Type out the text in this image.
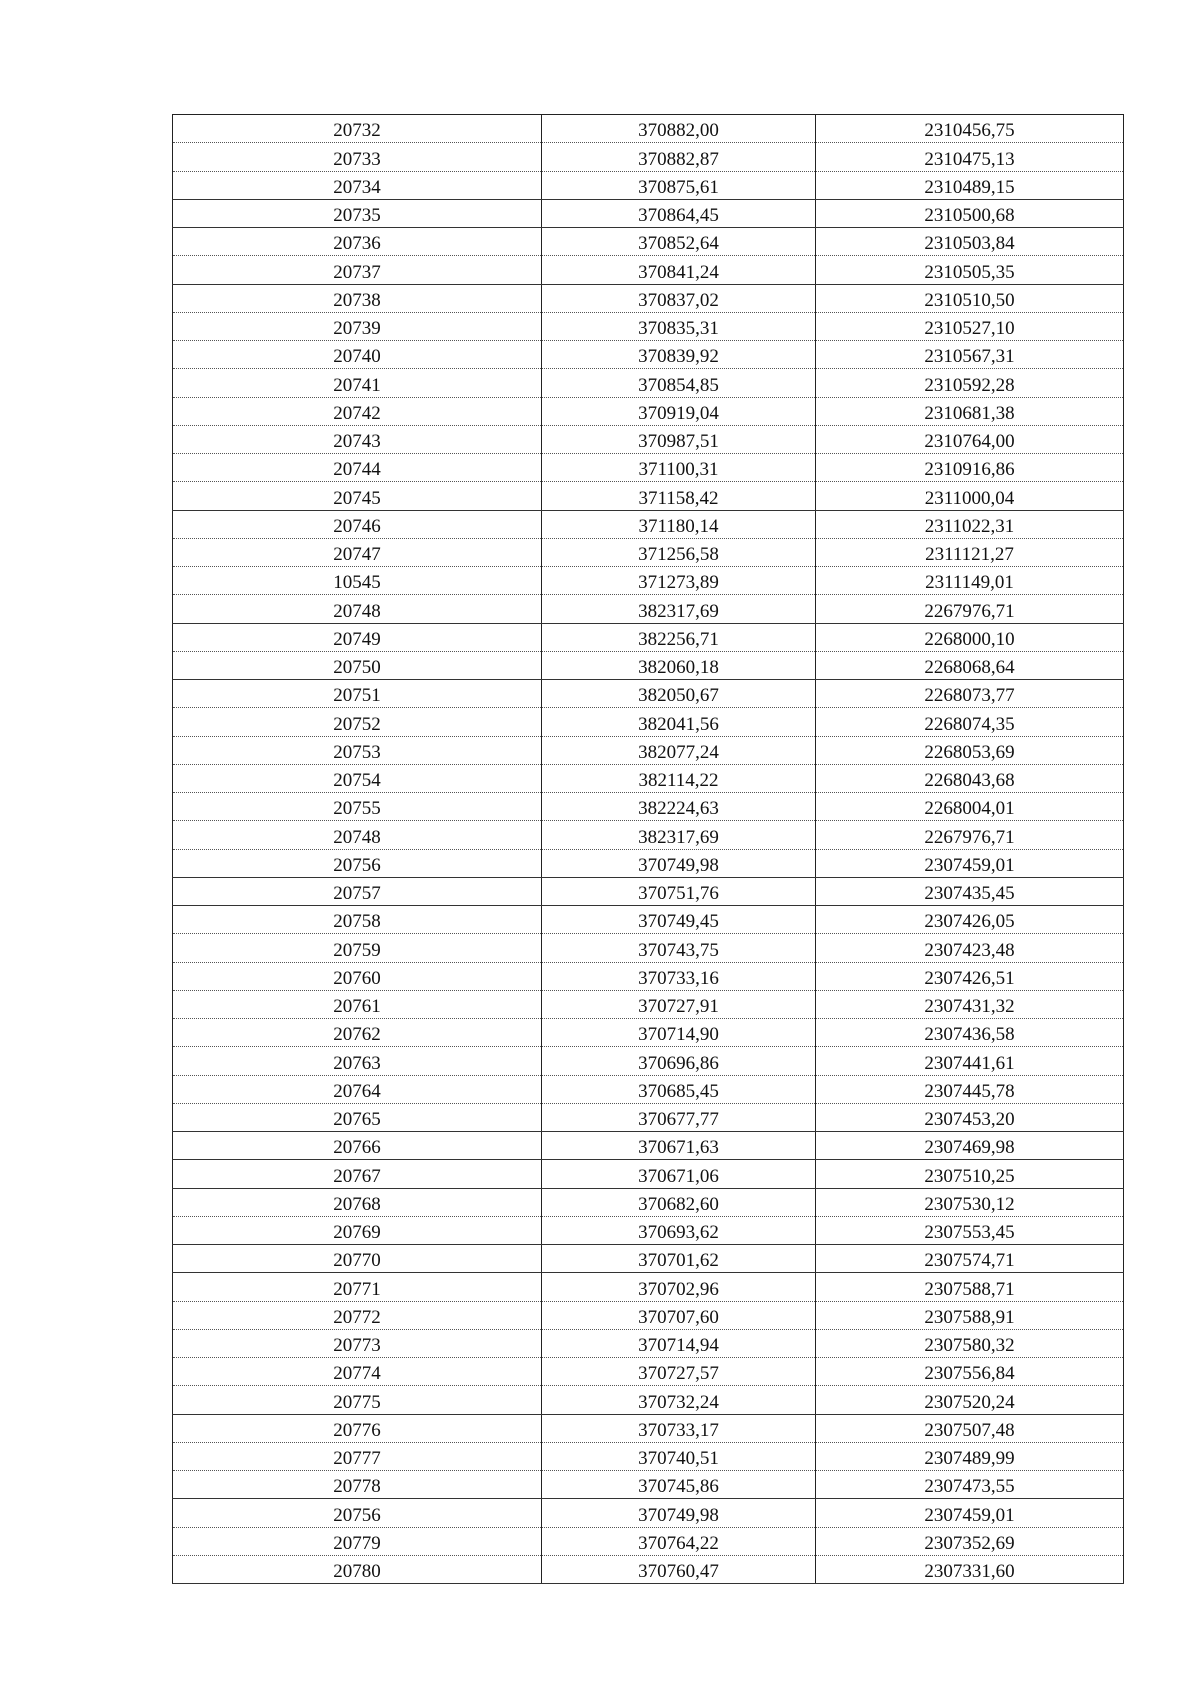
20732	370882,00	2310456,75
20733	370882,87	2310475,13
20734	370875,61	2310489,15
20735	370864,45	2310500,68
20736	370852,64	2310503,84
20737	370841,24	2310505,35
20738	370837,02	2310510,50
20739	370835,31	2310527,10
20740	370839,92	2310567,31
20741	370854,85	2310592,28
20742	370919,04	2310681,38
20743	370987,51	2310764,00
20744	371100,31	2310916,86
20745	371158,42	2311000,04
20746	371180,14	2311022,31
20747	371256,58	2311121,27
10545	371273,89	2311149,01
20748	382317,69	2267976,71
20749	382256,71	2268000,10
20750	382060,18	2268068,64
20751	382050,67	2268073,77
20752	382041,56	2268074,35
20753	382077,24	2268053,69
20754	382114,22	2268043,68
20755	382224,63	2268004,01
20748	382317,69	2267976,71
20756	370749,98	2307459,01
20757	370751,76	2307435,45
20758	370749,45	2307426,05
20759	370743,75	2307423,48
20760	370733,16	2307426,51
20761	370727,91	2307431,32
20762	370714,90	2307436,58
20763	370696,86	2307441,61
20764	370685,45	2307445,78
20765	370677,77	2307453,20
20766	370671,63	2307469,98
20767	370671,06	2307510,25
20768	370682,60	2307530,12
20769	370693,62	2307553,45
20770	370701,62	2307574,71
20771	370702,96	2307588,71
20772	370707,60	2307588,91
20773	370714,94	2307580,32
20774	370727,57	2307556,84
20775	370732,24	2307520,24
20776	370733,17	2307507,48
20777	370740,51	2307489,99
20778	370745,86	2307473,55
20756	370749,98	2307459,01
20779	370764,22	2307352,69
20780	370760,47	2307331,60
